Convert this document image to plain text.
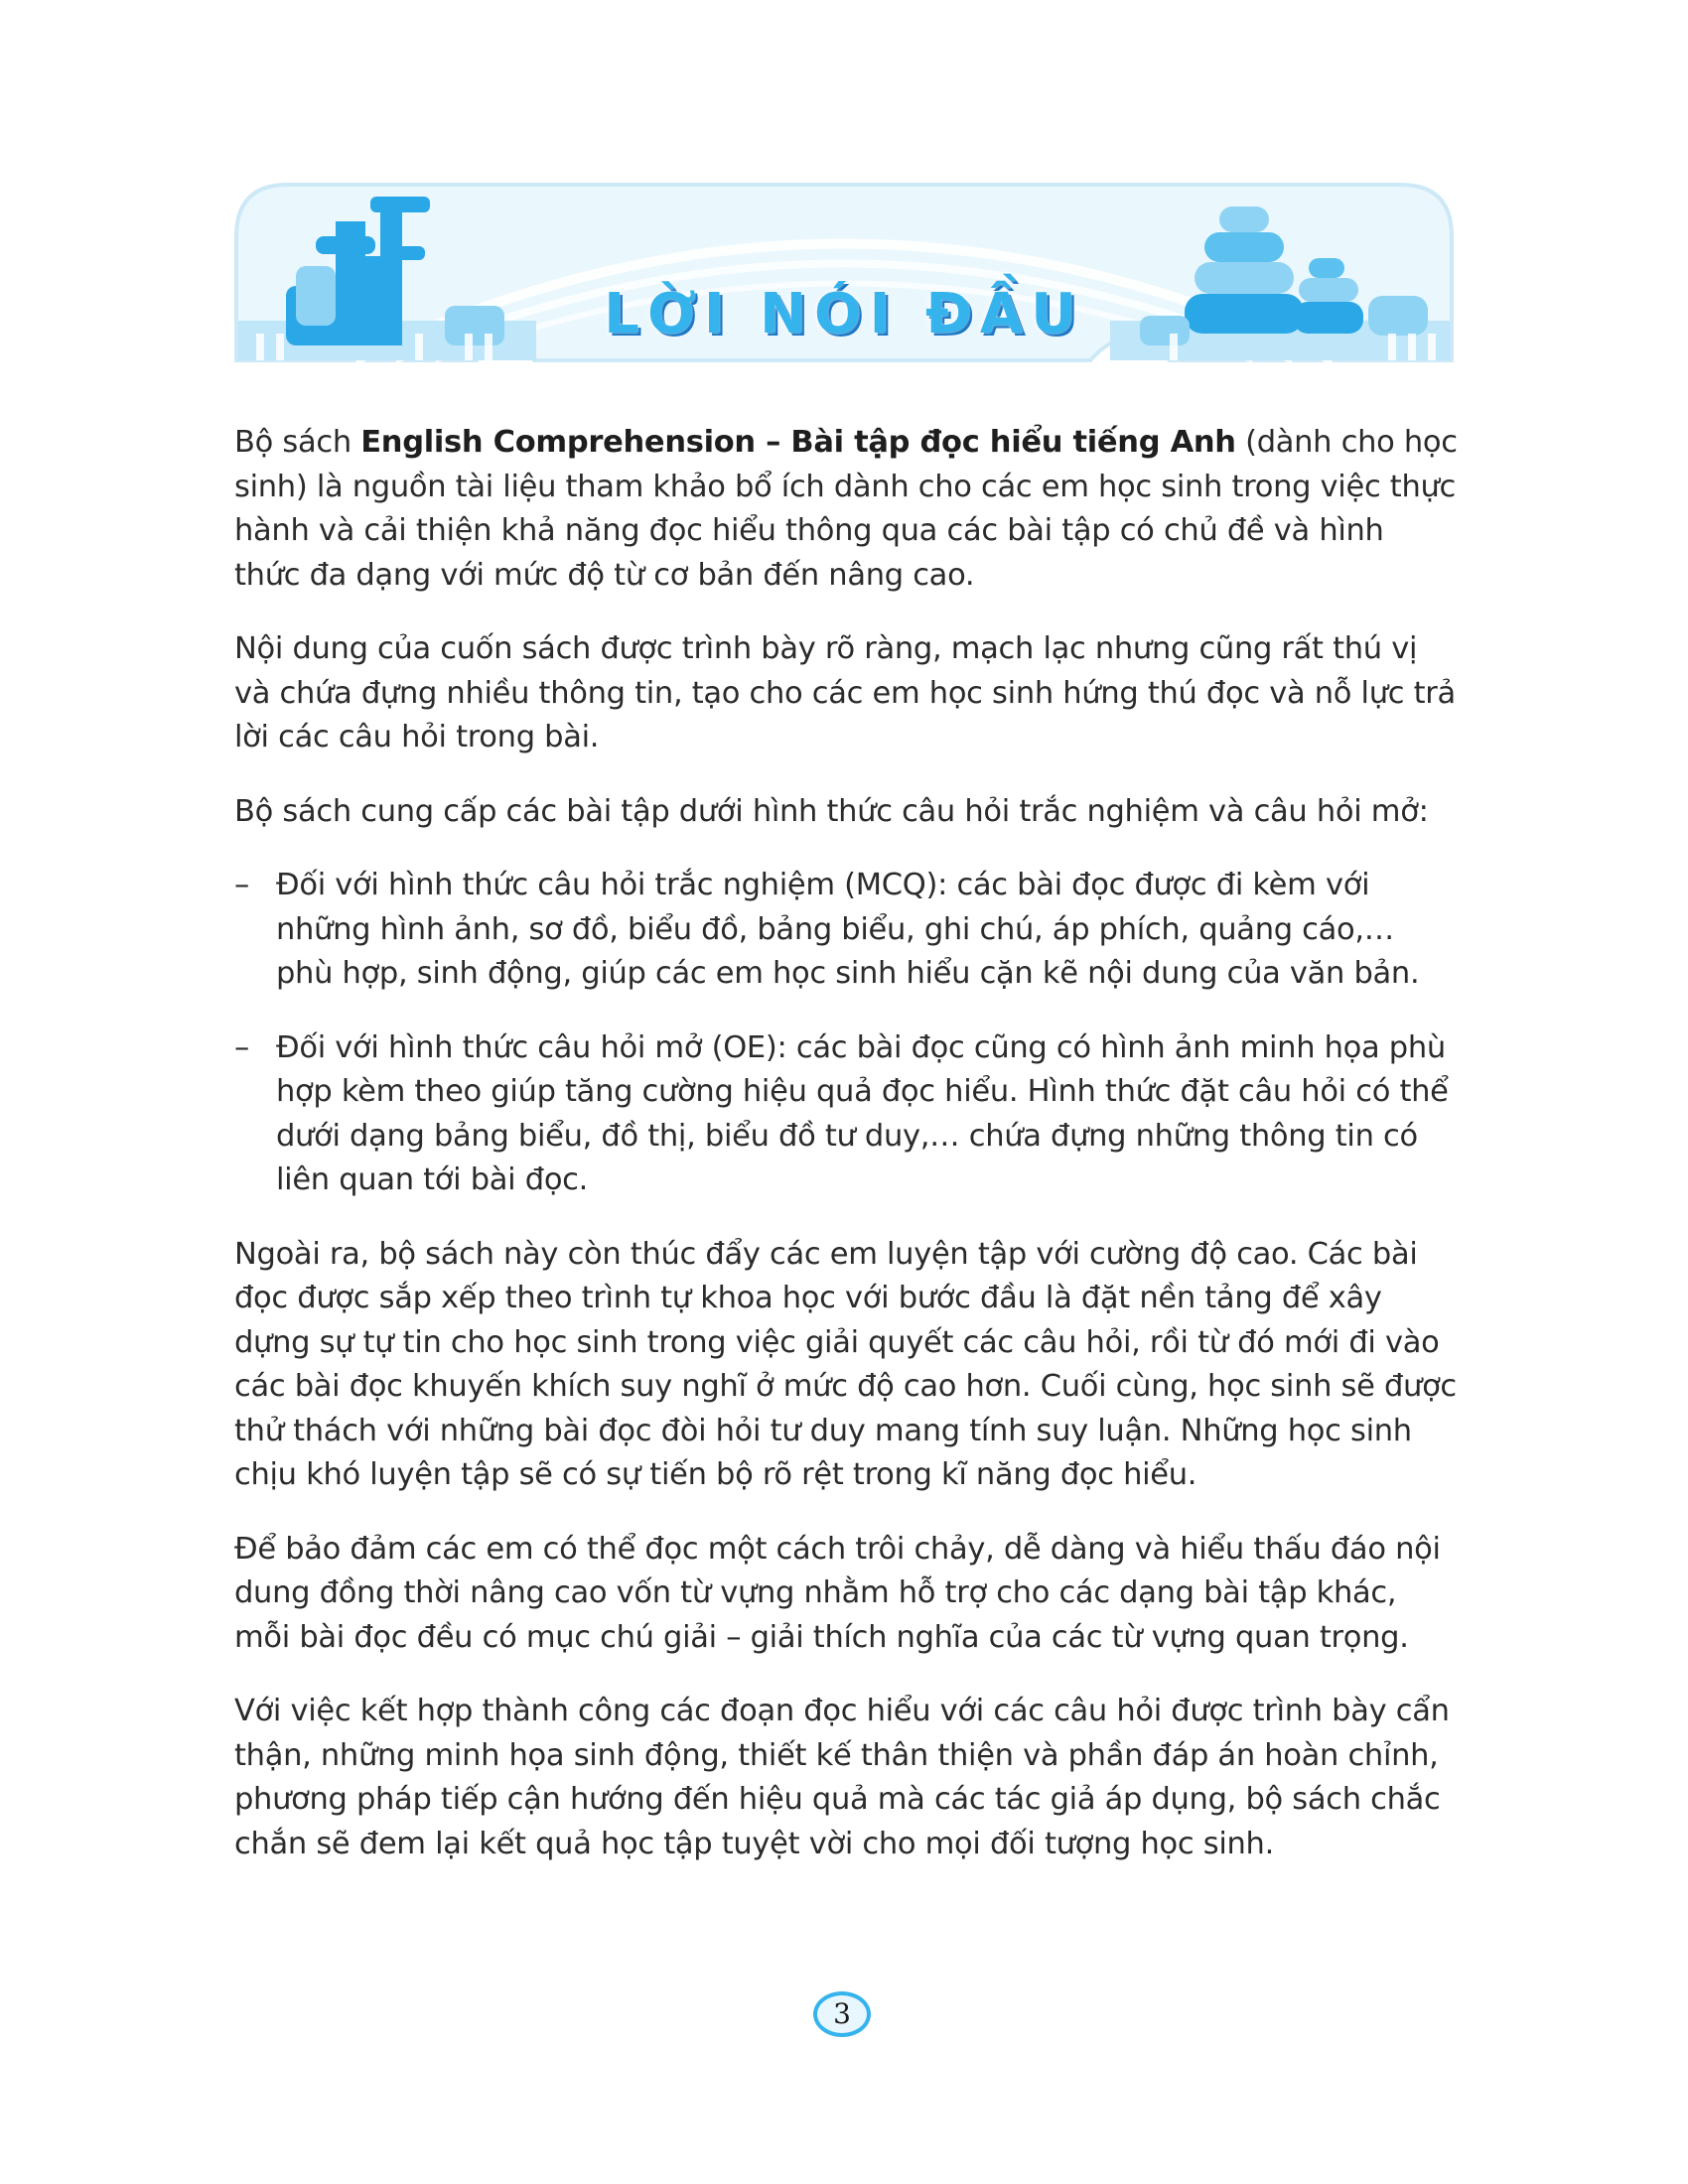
LỜI NÓI ĐẦU

Bộ sách English Comprehension – Bài tập đọc hiểu tiếng Anh (dành cho học sinh) là nguồn tài liệu tham khảo bổ ích dành cho các em học sinh trong việc thực hành và cải thiện khả năng đọc hiểu thông qua các bài tập có chủ đề và hình thức đa dạng với mức độ từ cơ bản đến nâng cao.

Nội dung của cuốn sách được trình bày rõ ràng, mạch lạc nhưng cũng rất thú vị và chứa đựng nhiều thông tin, tạo cho các em học sinh hứng thú đọc và nỗ lực trả lời các câu hỏi trong bài.

Bộ sách cung cấp các bài tập dưới hình thức câu hỏi trắc nghiệm và câu hỏi mở:

– Đối với hình thức câu hỏi trắc nghiệm (MCQ): các bài đọc được đi kèm với những hình ảnh, sơ đồ, biểu đồ, bảng biểu, ghi chú, áp phích, quảng cáo,… phù hợp, sinh động, giúp các em học sinh hiểu cặn kẽ nội dung của văn bản.
– Đối với hình thức câu hỏi mở (OE): các bài đọc cũng có hình ảnh minh họa phù hợp kèm theo giúp tăng cường hiệu quả đọc hiểu. Hình thức đặt câu hỏi có thể dưới dạng bảng biểu, đồ thị, biểu đồ tư duy,… chứa đựng những thông tin có liên quan tới bài đọc.

Ngoài ra, bộ sách này còn thúc đẩy các em luyện tập với cường độ cao. Các bài đọc được sắp xếp theo trình tự khoa học với bước đầu là đặt nền tảng để xây dựng sự tự tin cho học sinh trong việc giải quyết các câu hỏi, rồi từ đó mới đi vào các bài đọc khuyến khích suy nghĩ ở mức độ cao hơn. Cuối cùng, học sinh sẽ được thử thách với những bài đọc đòi hỏi tư duy mang tính suy luận. Những học sinh chịu khó luyện tập sẽ có sự tiến bộ rõ rệt trong kĩ năng đọc hiểu.

Để bảo đảm các em có thể đọc một cách trôi chảy, dễ dàng và hiểu thấu đáo nội dung đồng thời nâng cao vốn từ vựng nhằm hỗ trợ cho các dạng bài tập khác, mỗi bài đọc đều có mục chú giải – giải thích nghĩa của các từ vựng quan trọng.

Với việc kết hợp thành công các đoạn đọc hiểu với các câu hỏi được trình bày cẩn thận, những minh họa sinh động, thiết kế thân thiện và phần đáp án hoàn chỉnh, phương pháp tiếp cận hướng đến hiệu quả mà các tác giả áp dụng, bộ sách chắc chắn sẽ đem lại kết quả học tập tuyệt vời cho mọi đối tượng học sinh.

3
